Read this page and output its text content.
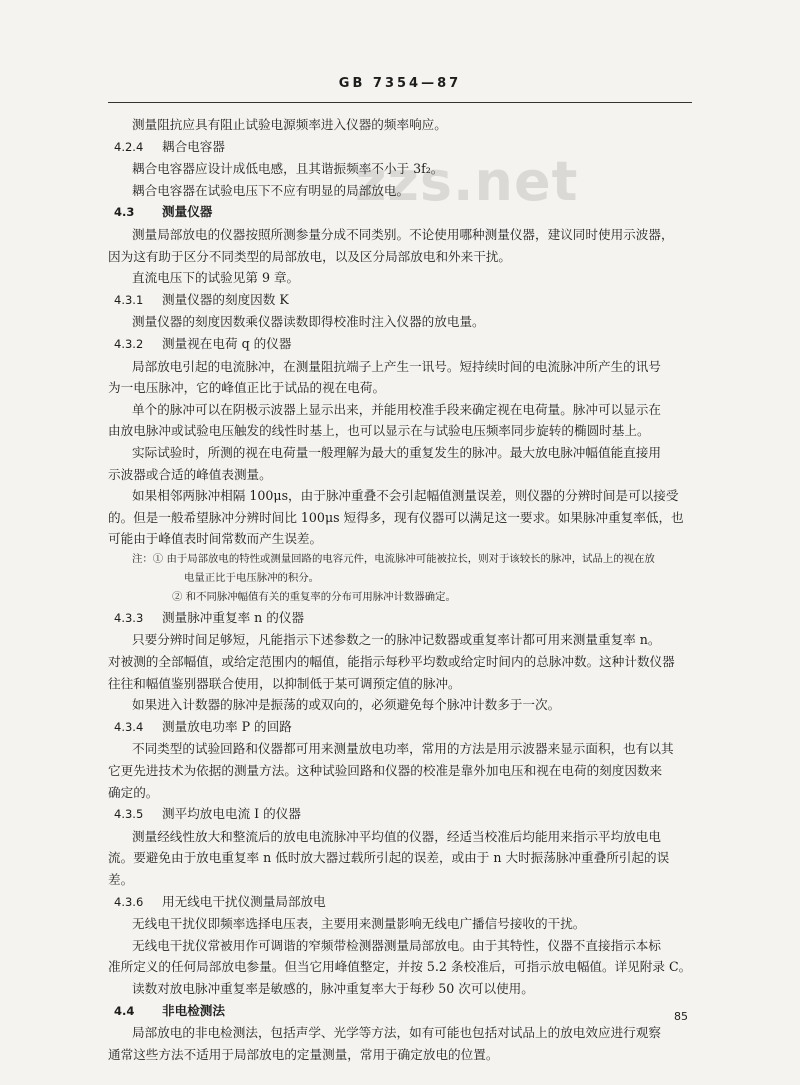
GB 7354—87
zzs.net
测量阻抗应具有阻止试验电源频率进入仪器的频率响应。
4.2.4 耦合电容器
耦合电容器应设计成低电感，且其谐振频率不小于 3f₂。
耦合电容器在试验电压下不应有明显的局部放电。
4.3 测量仪器
测量局部放电的仪器按照所测参量分成不同类别。不论使用哪种测量仪器，建议同时使用示波器，
因为这有助于区分不同类型的局部放电，以及区分局部放电和外来干扰。
直流电压下的试验见第 9 章。
4.3.1 测量仪器的刻度因数 K
测量仪器的刻度因数乘仪器读数即得校准时注入仪器的放电量。
4.3.2 测量视在电荷 q 的仪器
局部放电引起的电流脉冲，在测量阻抗端子上产生一讯号。短持续时间的电流脉冲所产生的讯号
为一电压脉冲，它的峰值正比于试品的视在电荷。
单个的脉冲可以在阴极示波器上显示出来，并能用校准手段来确定视在电荷量。脉冲可以显示在
由放电脉冲或试验电压触发的线性时基上，也可以显示在与试验电压频率同步旋转的椭圆时基上。
实际试验时，所测的视在电荷量一般理解为最大的重复发生的脉冲。最大放电脉冲幅值能直接用
示波器或合适的峰值表测量。
如果相邻两脉冲相隔 100μs，由于脉冲重叠不会引起幅值测量误差，则仪器的分辨时间是可以接受
的。但是一般希望脉冲分辨时间比 100μs 短得多，现有仪器可以满足这一要求。如果脉冲重复率低，也
可能由于峰值表时间常数而产生误差。
注：① 由于局部放电的特性或测量回路的电容元件，电流脉冲可能被拉长，则对于该较长的脉冲，试品上的视在放
电量正比于电压脉冲的积分。
② 和不同脉冲幅值有关的重复率的分布可用脉冲计数器确定。
4.3.3 测量脉冲重复率 n 的仪器
只要分辨时间足够短，凡能指示下述参数之一的脉冲记数器或重复率计都可用来测量重复率 n。
对被测的全部幅值，或给定范围内的幅值，能指示每秒平均数或给定时间内的总脉冲数。这种计数仪器
往往和幅值鉴别器联合使用，以抑制低于某可调预定值的脉冲。
如果进入计数器的脉冲是振荡的或双向的，必须避免每个脉冲计数多于一次。
4.3.4 测量放电功率 P 的回路
不同类型的试验回路和仪器都可用来测量放电功率，常用的方法是用示波器来显示面积，也有以其
它更先进技术为依据的测量方法。这种试验回路和仪器的校准是靠外加电压和视在电荷的刻度因数来
确定的。
4.3.5 测平均放电电流 I 的仪器
测量经线性放大和整流后的放电电流脉冲平均值的仪器，经适当校准后均能用来指示平均放电电
流。要避免由于放电重复率 n 低时放大器过载所引起的误差，或由于 n 大时振荡脉冲重叠所引起的误
差。
4.3.6 用无线电干扰仪测量局部放电
无线电干扰仪即频率选择电压表，主要用来测量影响无线电广播信号接收的干扰。
无线电干扰仪常被用作可调谐的窄频带检测器测量局部放电。由于其特性，仪器不直接指示本标
准所定义的任何局部放电参量。但当它用峰值整定，并按 5.2 条校准后，可指示放电幅值。详见附录 C。
读数对放电脉冲重复率是敏感的，脉冲重复率大于每秒 50 次可以使用。
4.4 非电检测法
局部放电的非电检测法，包括声学、光学等方法，如有可能也包括对试品上的放电效应进行观察
通常这些方法不适用于局部放电的定量测量，常用于确定放电的位置。
85
